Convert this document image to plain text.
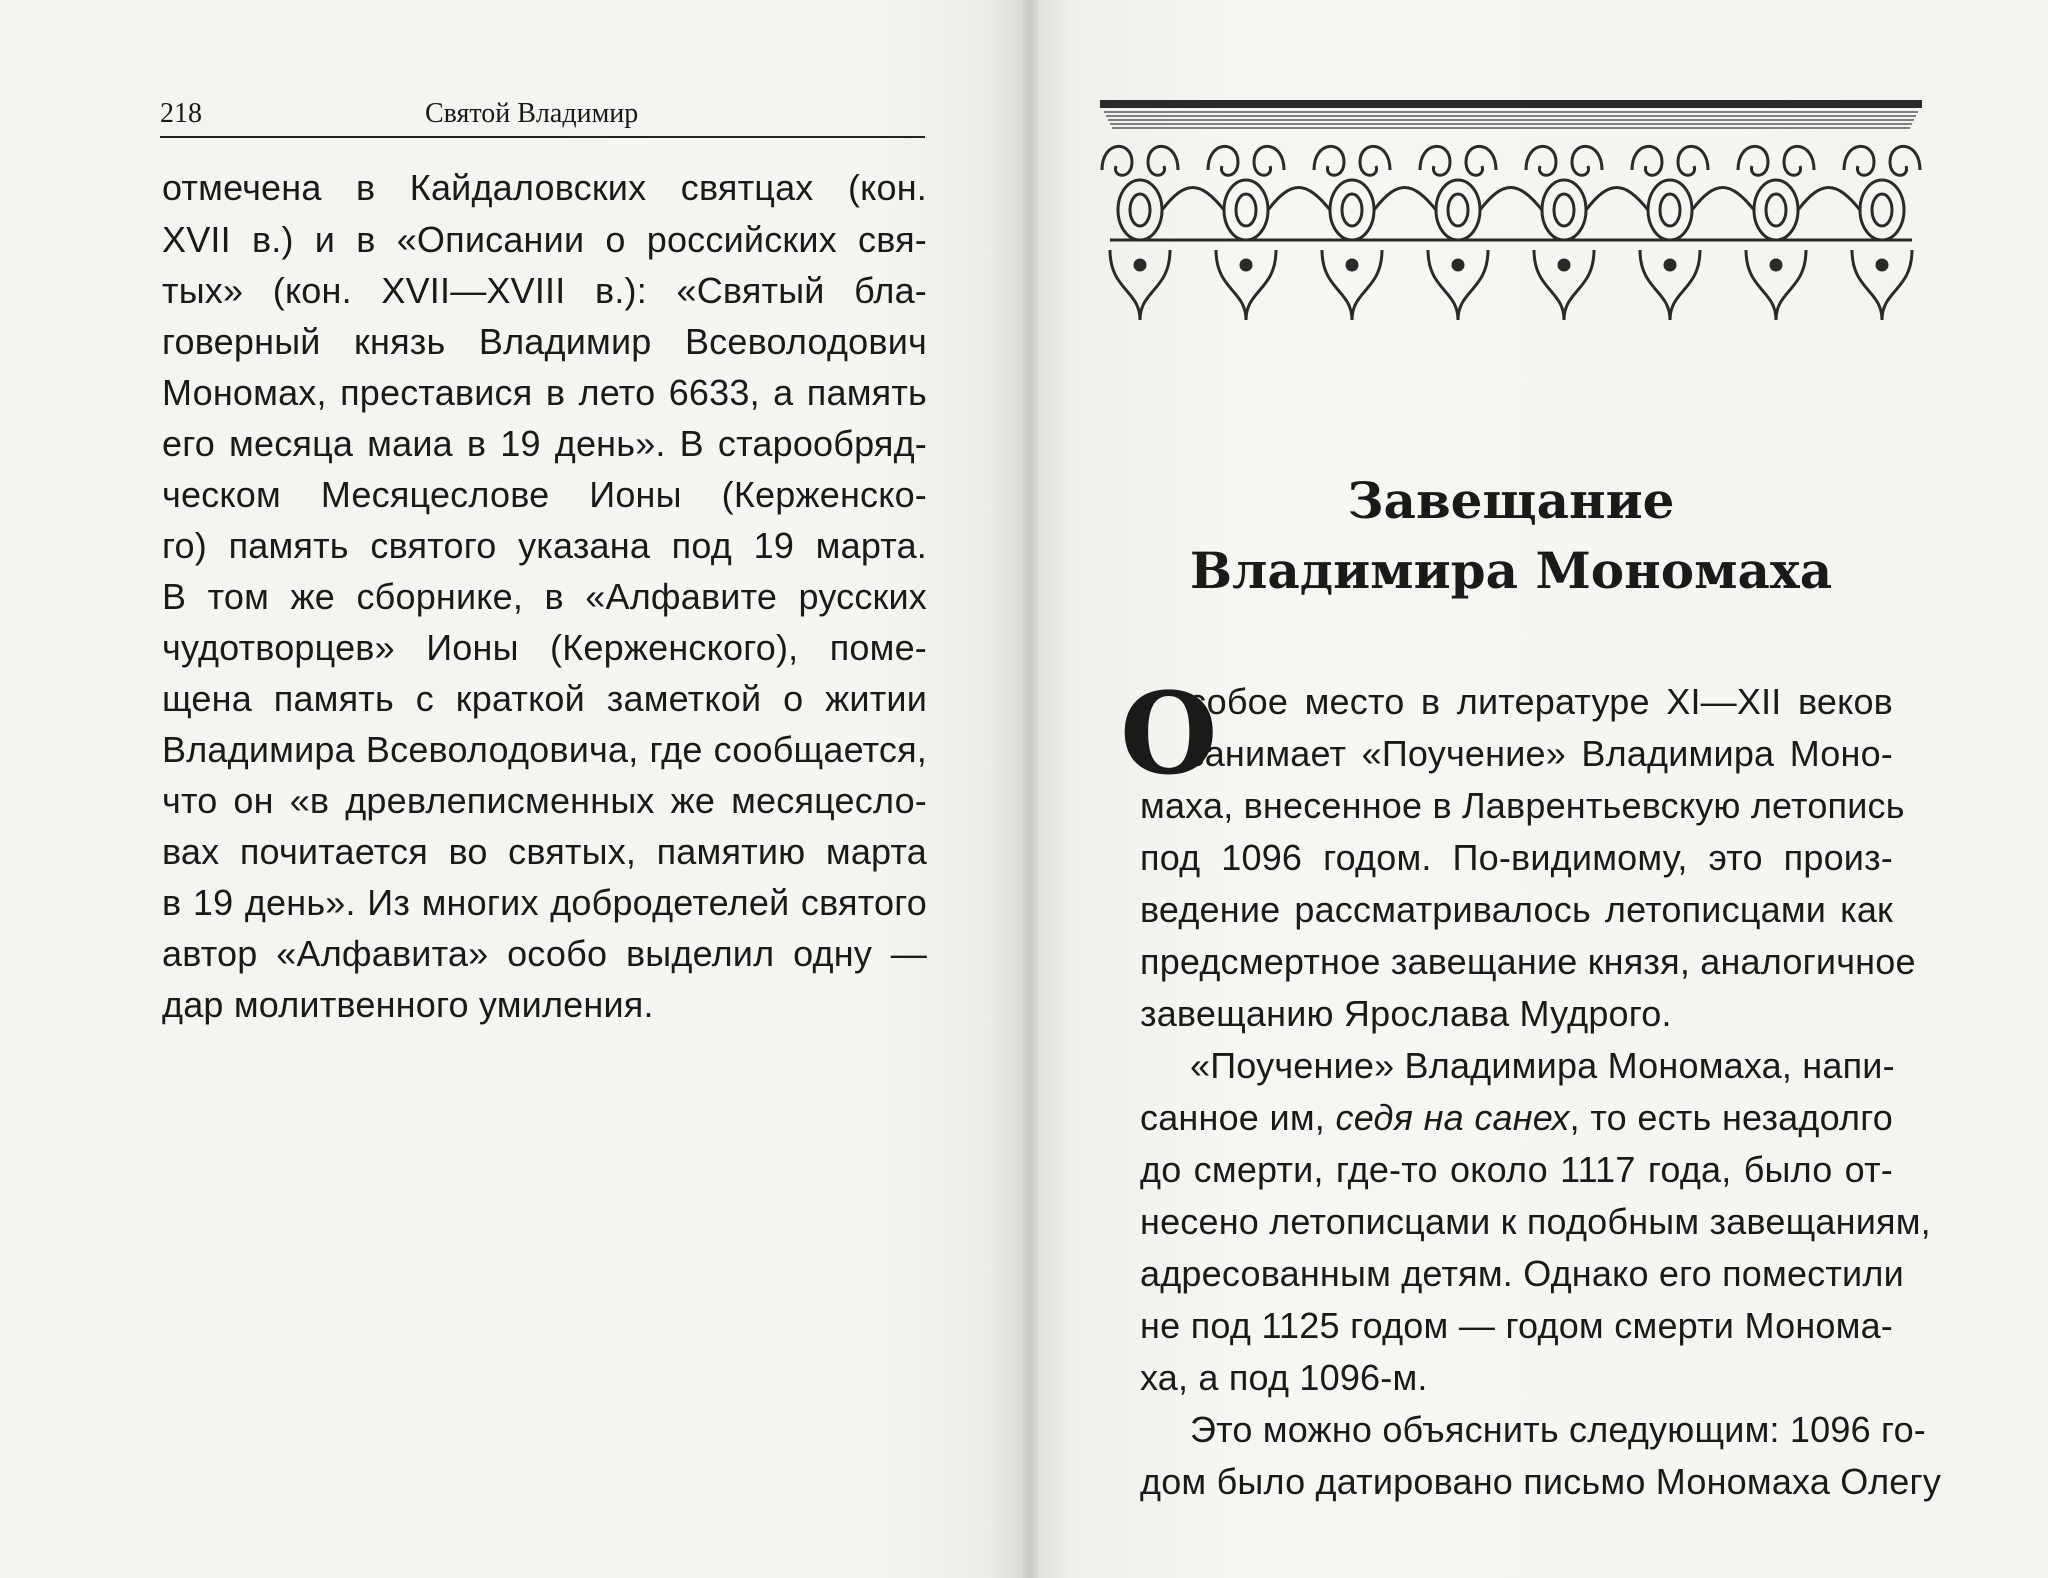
218	Святой Владимир
отмечена в Кайдаловских святцах (кон.
XVII в.) и в «Описании о российских свя-
тых» (кон. XVII—XVIII в.): «Святый бла-
говерный князь Владимир Всеволодович
Мономах, преставися в лето 6633, а память
его месяца маиа в 19 день». В старообряд-
ческом Месяцеслове Ионы (Керженско-
го) память святого указана под 19 марта.
В том же сборнике, в «Алфавите русских
чудотворцев» Ионы (Керженского), поме-
щена память с краткой заметкой о житии
Владимира Всеволодовича, где сообщается,
что он «в древлеписменных же месяцесло-
вах почитается во святых, памятию марта
в 19 день». Из многих добродетелей святого
автор «Алфавита» особо выделил одну —
дар молитвенного умиления.
Завещание
Владимира Мономаха
О
собое место в литературе XI—XII веков
занимает «Поучение» Владимира Моно-
маха, внесенное в Лаврентьевскую летопись
под 1096 годом. По-видимому, это произ-
ведение рассматривалось летописцами как
предсмертное завещание князя, аналогичное
завещанию Ярослава Мудрого.
«Поучение» Владимира Мономаха, напи-
санное им, седя на санех, то есть незадолго
до смерти, где-то около 1117 года, было от-
несено летописцами к подобным завещаниям,
адресованным детям. Однако его поместили
не под 1125 годом — годом смерти Монома-
ха, а под 1096-м.
Это можно объяснить следующим: 1096 го-
дом было датировано письмо Мономаха Олегу
